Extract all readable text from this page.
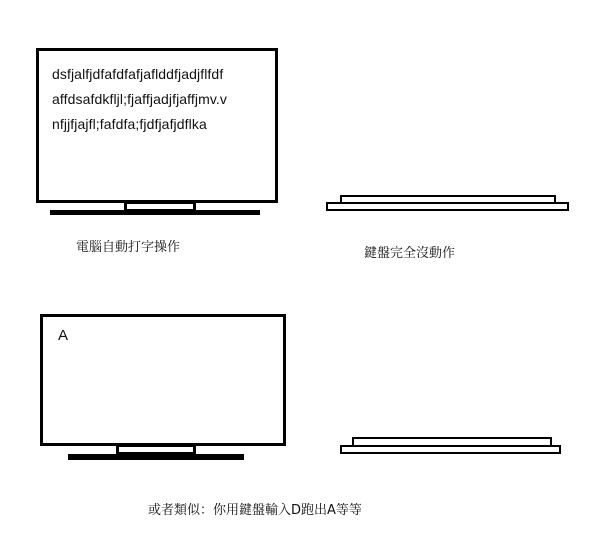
dsfjalfjdfafdfafjaflddfjadjflfdf
affdsafdkfljl;fjaffjadjfjaffjmv.v
nfjjfjajfl;fafdfa;fjdfjafjdflka
電腦自動打字操作	鍵盤完全沒動作
A
或者類似：你用鍵盤輸入D跑出A等等
